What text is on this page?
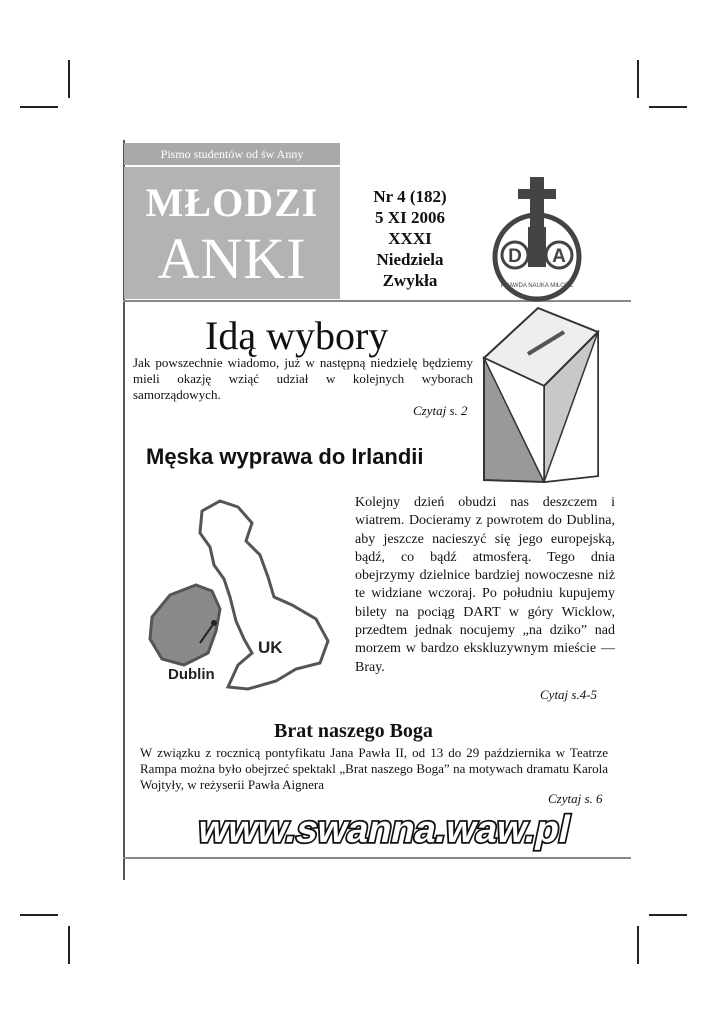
Pismo studentów od św Anny
MŁODZI
ANKI
Nr 4 (182)
5 XI 2006
XXXI
Niedziela
Zwykła
D A
PRAWDA NAUKA MIŁOŚĆ
Idą wybory
Jak powszechnie wiadomo, już w następną niedzielę będziemy mieli okazję wziąć udział w kolejnych wyborach samorządowych.
Czytaj s. 2
Męska wyprawa do Irlandii
UK
Dublin
Kolejny dzień obudzi nas deszczem i wiatrem. Docieramy z powrotem do Dublina, aby jeszcze nacieszyć się jego europejską, bądź, co bądź atmosferą. Tego dnia obejrzymy dzielnice bardziej nowoczesne niż te widziane wczoraj. Po południu kupujemy bilety na pociąg DART w góry Wicklow, przedtem jednak nocujemy „na dziko” nad morzem w bardzo ekskluzywnym mieście — Bray.
Cytaj s.4-5
Brat naszego Boga
W związku z rocznicą pontyfikatu Jana Pawła II, od 13 do 29 października w Teatrze Rampa można było obejrzeć spektakl „Brat naszego Boga” na motywach dramatu Karola Wojtyły, w reżyserii Pawła Aignera
Czytaj s. 6
www.swanna.waw.pl
